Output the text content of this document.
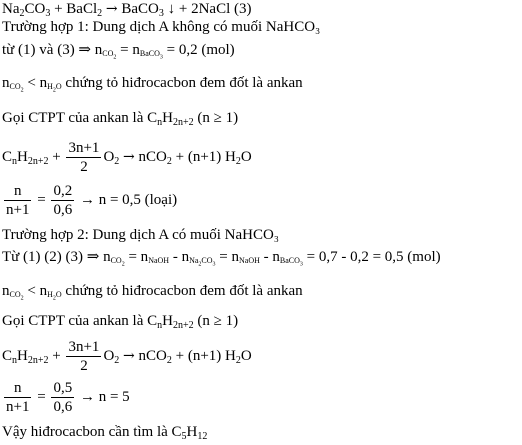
$Na_2CO_3$ + BaCl$_2$ → BaCO$_3$ ↓ + 2NaCl (3)
Trường hợp 1: Dung dịch A không có muối NaHCO₃
từ (1) và (3) ⇒ nCO$_2$ = nBaCO$_3$ = 0,2 (mol)
$nCO_2 < nH_2O$ chứng tỏ hiđrocacbon đem đốt là ankan
Gọi CTPT của ankan là $C_nH_{2n+2}$ (n ≥ 1)
$C_nH_{2n+2} + \frac{3n+1}{2} O_2 \to nCO_2 + (n+1)$ $H_2O$
$\frac{n}{n+1} = \frac{0,2}{0,6} \to n = 0,5$ (loại)
Trường hợp 2: Dung dịch A có muối NaHCO₃
Từ (1) (2) (3) ⇒ nCO$_2$ = nNaOH - $nNa_2CO_3$ = nNaOH - nBaCO$_3$ = 0,7 - 0,2 = 0,5 (mol)
$nCO_2 < nH_2O$ chứng tỏ hiđrocacbon đem đốt là ankan
Gọi CTPT của ankan là $C_nH_{2n+2}$ (n ≥ 1)
$C_nH_{2n+2} + \frac{3n+1}{2} O_2 \to nCO_2 + (n+1)$ $H_2O$
$\frac{n}{n+1} = \frac{0,5}{0,6} \to n = 5$
Vậy hiđrocacbon cần tìm là $C_5H_{12}$
